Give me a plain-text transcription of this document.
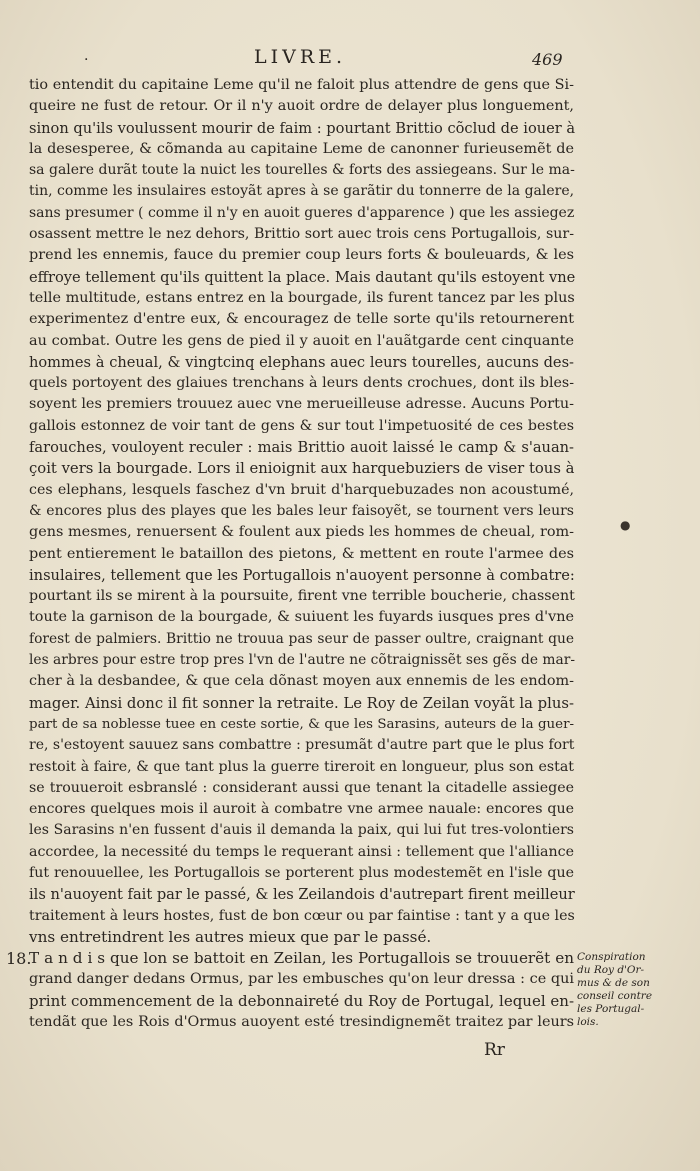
.	LIVRE.	469
tio entendit du capitaine Leme qu'il ne faloit plus attendre de gens que Si-
queire ne fust de retour. Or il n'y auoit ordre de delayer plus longuement,
sinon qu'ils voulussent mourir de faim : pourtant Brittio cõclud de iouer à
la desesperee, & cõmanda au capitaine Leme de canonner furieusemẽt de
sa galere durãt toute la nuict les tourelles & forts des assiegeans. Sur le ma-
tin, comme les insulaires estoyãt apres à se garãtir du tonnerre de la galere,
sans presumer ( comme il n'y en auoit gueres d'apparence ) que les assiegez
osassent mettre le nez dehors, Brittio sort auec trois cens Portugallois, sur-
prend les ennemis, fauce du premier coup leurs forts & bouleuards, & les
effroye tellement qu'ils quittent la place. Mais dautant qu'ils estoyent vne
telle multitude, estans entrez en la bourgade, ils furent tancez par les plus
experimentez d'entre eux, & encouragez de telle sorte qu'ils retournerent
au combat. Outre les gens de pied il y auoit en l'auãtgarde cent cinquante
hommes à cheual, & vingtcinq elephans auec leurs tourelles, aucuns des-
quels portoyent des glaiues trenchans à leurs dents crochues, dont ils bles-
soyent les premiers trouuez auec vne merueilleuse adresse. Aucuns Portu-
gallois estonnez de voir tant de gens & sur tout l'impetuosité de ces bestes
farouches, vouloyent reculer : mais Brittio auoit laissé le camp & s'auan-
çoit vers la bourgade. Lors il enioignit aux harquebuziers de viser tous à
ces elephans, lesquels faschez d'vn bruit d'harquebuzades non acoustumé,
& encores plus des playes que les bales leur faisoyẽt, se tournent vers leurs
gens mesmes, renuersent & foulent aux pieds les hommes de cheual, rom-
pent entierement le bataillon des pietons, & mettent en route l'armee des
insulaires, tellement que les Portugallois n'auoyent personne à combatre:
pourtant ils se mirent à la poursuite, firent vne terrible boucherie, chassent
toute la garnison de la bourgade, & suiuent les fuyards iusques pres d'vne
forest de palmiers. Brittio ne trouua pas seur de passer oultre, craignant que
les arbres pour estre trop pres l'vn de l'autre ne cõtraignissẽt ses gẽs de mar-
cher à la desbandee, & que cela dõnast moyen aux ennemis de les endom-
mager. Ainsi donc il fit sonner la retraite. Le Roy de Zeilan voyãt la plus-
part de sa noblesse tuee en ceste sortie, & que les Sarasins, auteurs de la guer-
re, s'estoyent sauuez sans combattre : presumãt d'autre part que le plus fort
restoit à faire, & que tant plus la guerre tireroit en longueur, plus son estat
se trouueroit esbranslé : considerant aussi que tenant la citadelle assiegee
encores quelques mois il auroit à combatre vne armee nauale: encores que
les Sarasins n'en fussent d'auis il demanda la paix, qui lui fut tres-volontiers
accordee, la necessité du temps le requerant ainsi : tellement que l'alliance
fut renouuellee, les Portugallois se porterent plus modestemẽt en l'isle que
ils n'auoyent fait par le passé, & les Zeilandois d'autrepart firent meilleur
traitement à leurs hostes, fust de bon cœur ou par faintise : tant y a que les
vns entretindrent les autres mieux que par le passé.
T a n d i s que lon se battoit en Zeilan, les Portugallois se trouuerẽt en
grand danger dedans Ormus, par les embusches qu'on leur dressa : ce qui
print commencement de la debonnaireté du Roy de Portugal, lequel en-
tendãt que les Rois d'Ormus auoyent esté tresindignemẽt traitez par leurs
18.	Conspiration
du Roy d'Or-
mus & de son
conseil contre
les Portugal-
lois.
Rr
●
